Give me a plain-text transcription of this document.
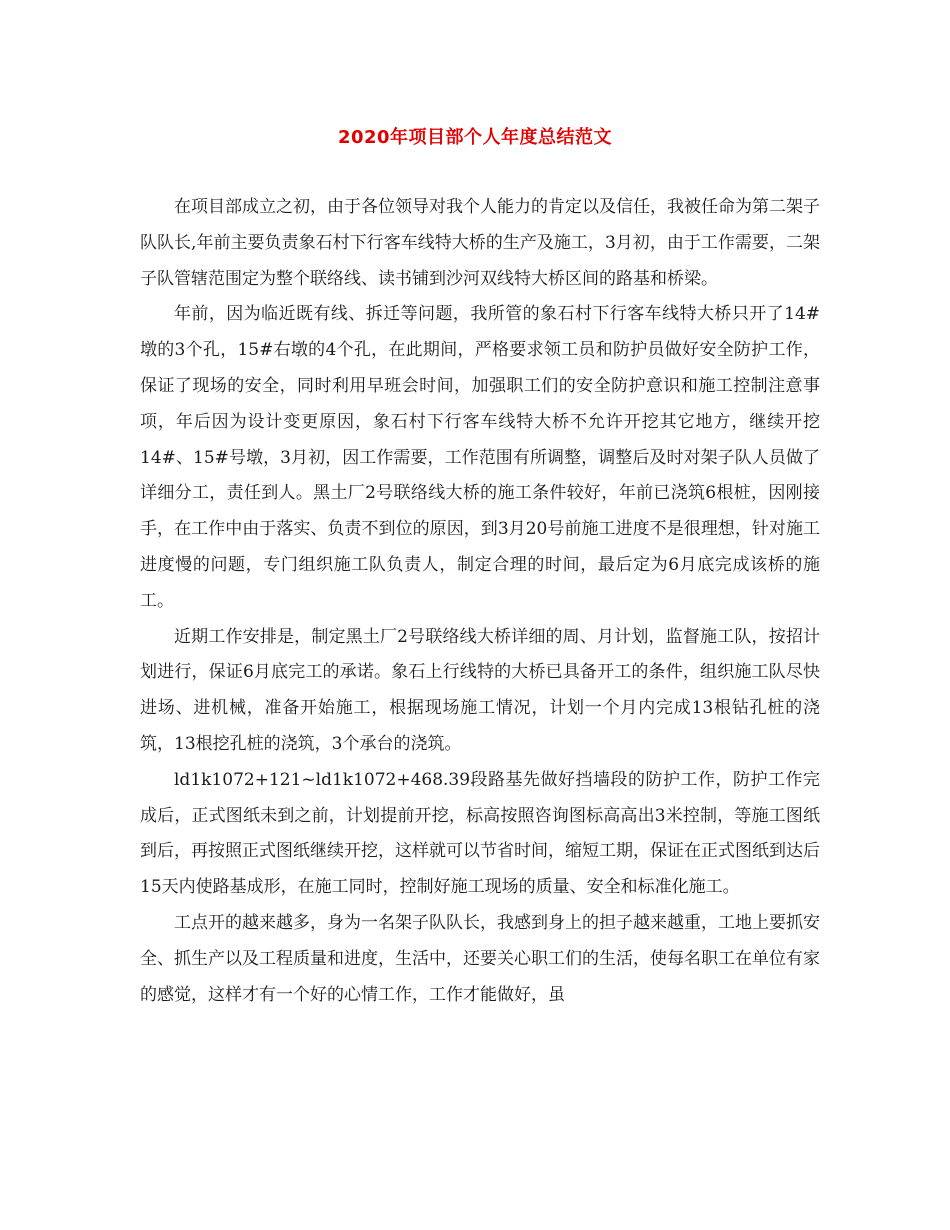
2020年项目部个人年度总结范文

在项目部成立之初，由于各位领导对我个人能力的肯定以及信任，我被任命为第二架子队队长,年前主要负责象石村下行客车线特大桥的生产及施工，3月初，由于工作需要，二架子队管辖范围定为整个联络线、读书铺到沙河双线特大桥区间的路基和桥梁。

年前，因为临近既有线、拆迁等问题，我所管的象石村下行客车线特大桥只开了14#墩的3个孔，15#右墩的4个孔，在此期间，严格要求领工员和防护员做好安全防护工作，保证了现场的安全，同时利用早班会时间，加强职工们的安全防护意识和施工控制注意事项，年后因为设计变更原因，象石村下行客车线特大桥不允许开挖其它地方，继续开挖14#、15#号墩，3月初，因工作需要，工作范围有所调整，调整后及时对架子队人员做了详细分工，责任到人。黑土厂2号联络线大桥的施工条件较好，年前已浇筑6根桩，因刚接手，在工作中由于落实、负责不到位的原因，到3月20号前施工进度不是很理想，针对施工进度慢的问题，专门组织施工队负责人，制定合理的时间，最后定为6月底完成该桥的施工。

近期工作安排是，制定黑土厂2号联络线大桥详细的周、月计划，监督施工队，按招计划进行，保证6月底完工的承诺。象石上行线特的大桥已具备开工的条件，组织施工队尽快进场、进机械，准备开始施工，根据现场施工情况，计划一个月内完成13根钻孔桩的浇筑，13根挖孔桩的浇筑，3个承台的浇筑。

ld1k1072+121~ld1k1072+468.39段路基先做好挡墙段的防护工作，防护工作完成后，正式图纸未到之前，计划提前开挖，标高按照咨询图标高高出3米控制，等施工图纸到后，再按照正式图纸继续开挖，这样就可以节省时间，缩短工期，保证在正式图纸到达后15天内使路基成形，在施工同时，控制好施工现场的质量、安全和标准化施工。

工点开的越来越多，身为一名架子队队长，我感到身上的担子越来越重，工地上要抓安全、抓生产以及工程质量和进度，生活中，还要关心职工们的生活，使每名职工在单位有家的感觉，这样才有一个好的心情工作，工作才能做好，虽
